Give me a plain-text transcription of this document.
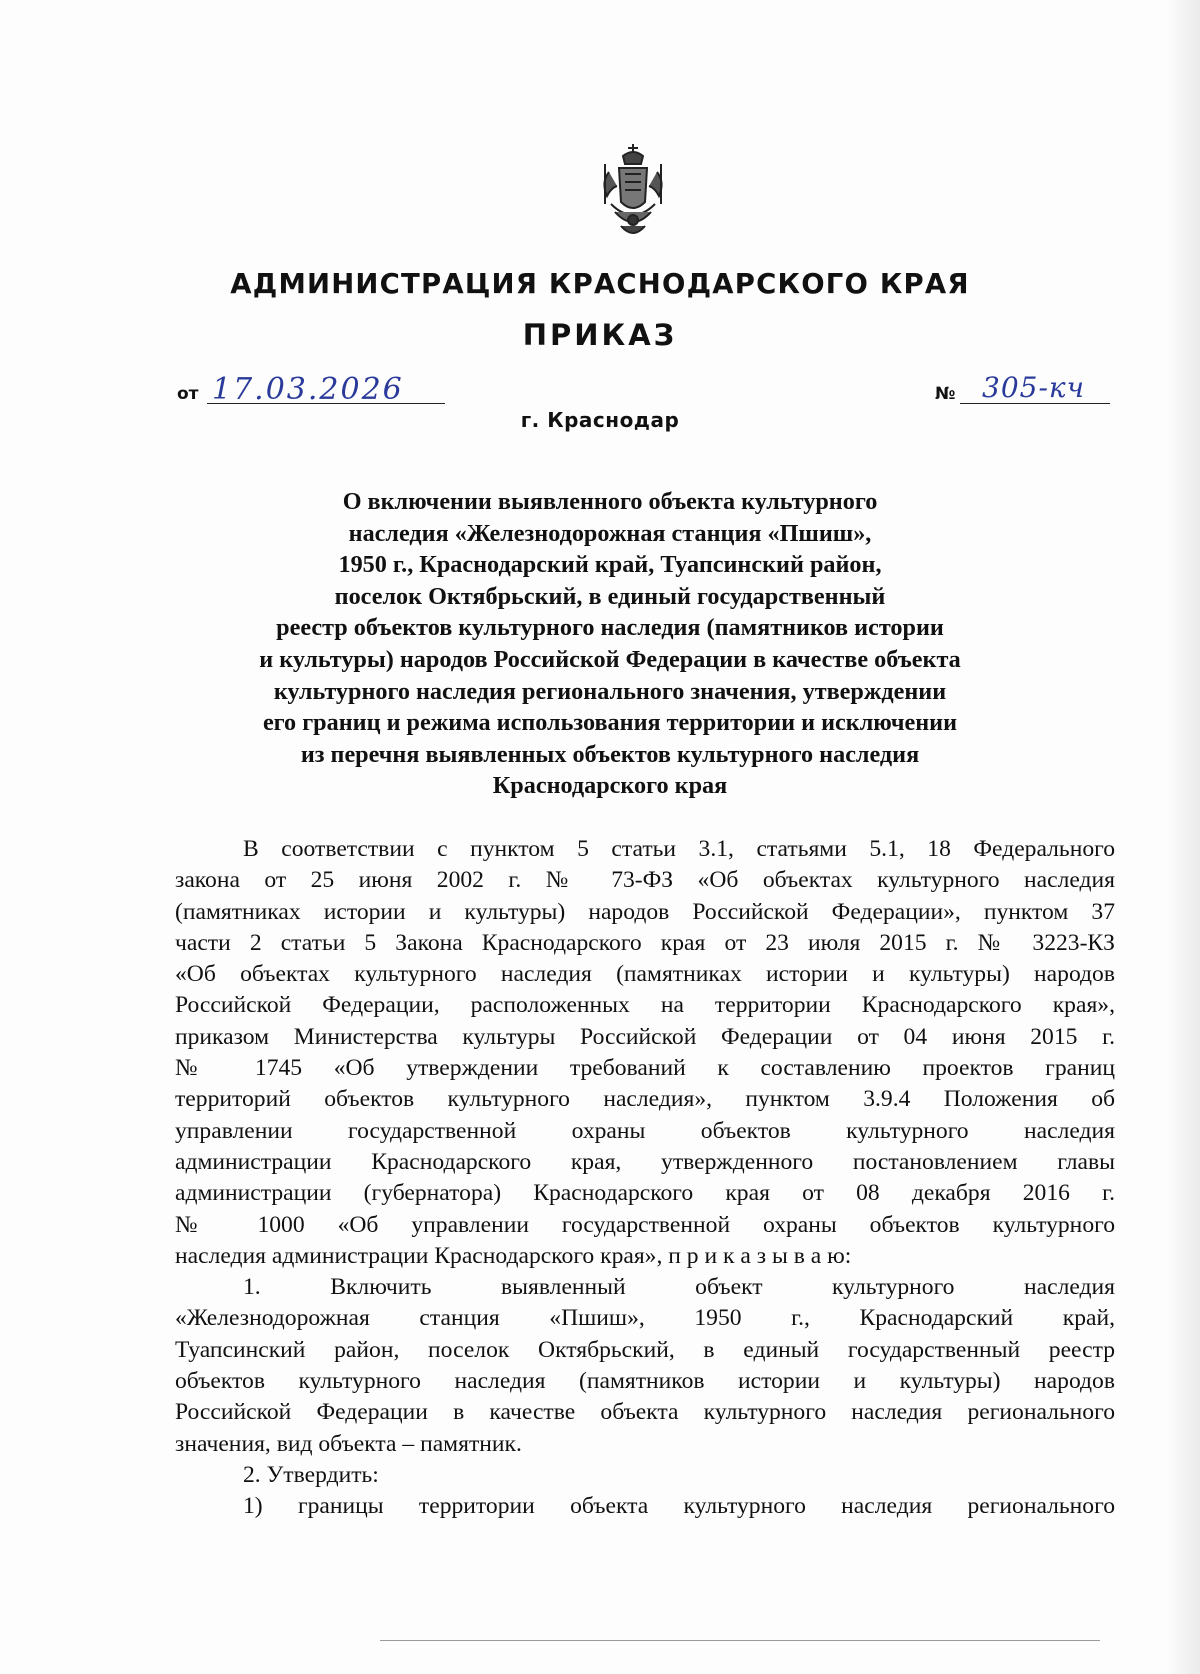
АДМИНИСТРАЦИЯ КРАСНОДАРСКОГО КРАЯ
ПРИКАЗ
от 17.03.2026	№ 305-кч
г. Краснодар
О включении выявленного объекта культурного
наследия «Железнодорожная станция «Пшиш»,
1950 г., Краснодарский край, Туапсинский район,
поселок Октябрьский, в единый государственный
реестр объектов культурного наследия (памятников истории
и культуры) народов Российской Федерации в качестве объекта
культурного наследия регионального значения, утверждении
его границ и режима использования территории и исключении
из перечня выявленных объектов культурного наследия
Краснодарского края
В соответствии с пунктом 5 статьи 3.1, статьями 5.1, 18 Федерального
закона от 25 июня 2002 г. № 73-ФЗ «Об объектах культурного наследия
(памятниках истории и культуры) народов Российской Федерации», пунктом 37
части 2 статьи 5 Закона Краснодарского края от 23 июля 2015 г. № 3223-КЗ
«Об объектах культурного наследия (памятниках истории и культуры) народов
Российской Федерации, расположенных на территории Краснодарского края»,
приказом Министерства культуры Российской Федерации от 04 июня 2015 г.
№ 1745 «Об утверждении требований к составлению проектов границ
территорий объектов культурного наследия», пунктом 3.9.4 Положения об
управлении государственной охраны объектов культурного наследия
администрации Краснодарского края, утвержденного постановлением главы
администрации (губернатора) Краснодарского края от 08 декабря 2016 г.
№ 1000 «Об управлении государственной охраны объектов культурного
наследия администрации Краснодарского края», п р и к а з ы в а ю:
1. Включить выявленный объект культурного наследия
«Железнодорожная станция «Пшиш», 1950 г., Краснодарский край,
Туапсинский район, поселок Октябрьский, в единый государственный реестр
объектов культурного наследия (памятников истории и культуры) народов
Российской Федерации в качестве объекта культурного наследия регионального
значения, вид объекта – памятник.
2. Утвердить:
1) границы территории объекта культурного наследия регионального
